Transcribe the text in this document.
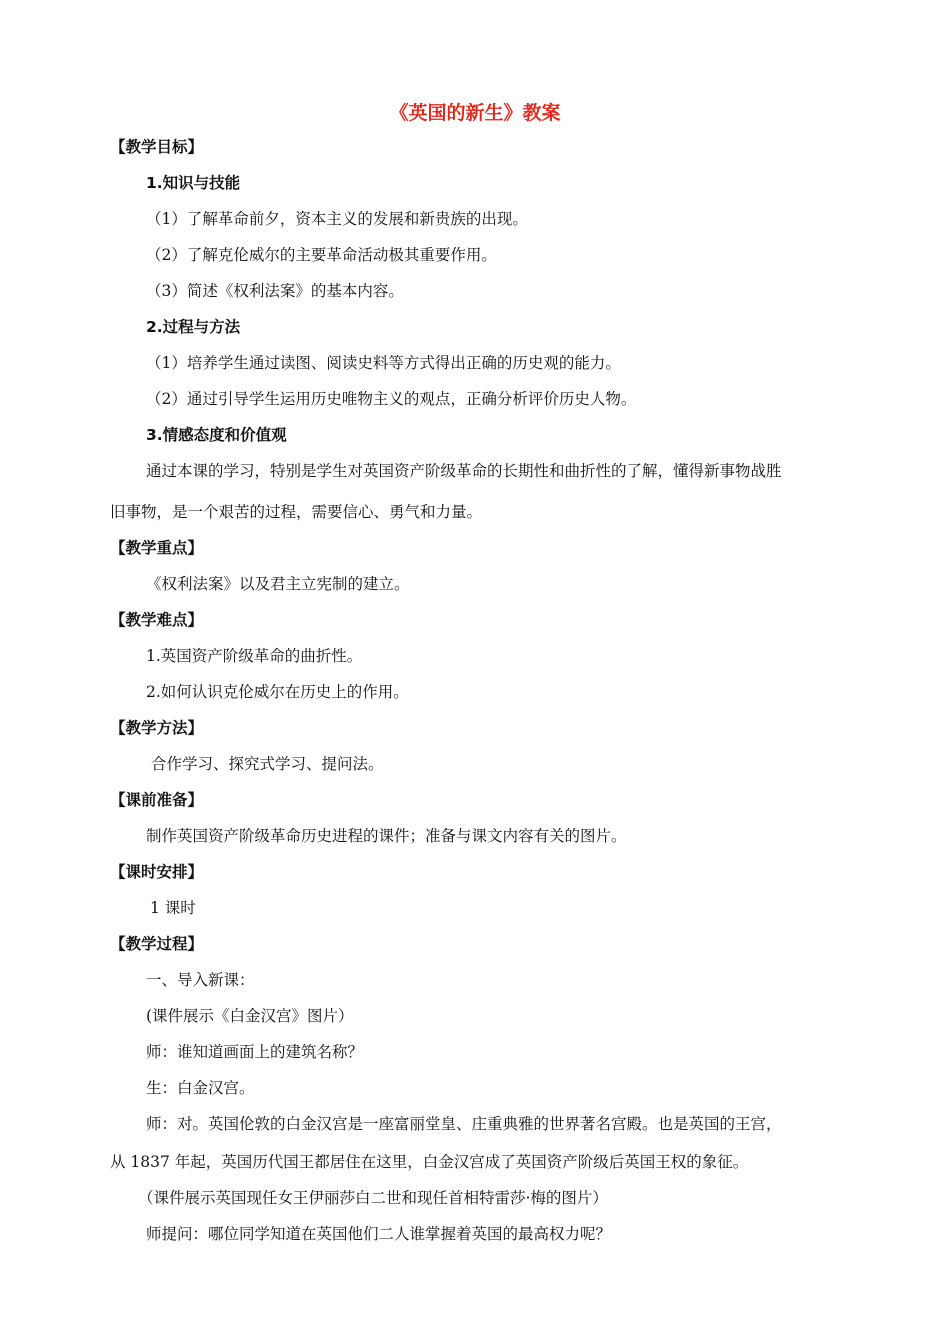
《英国的新生》教案
【教学目标】
1.知识与技能
（1）了解革命前夕，资本主义的发展和新贵族的出现。
（2）了解克伦威尔的主要革命活动极其重要作用。
（3）简述《权利法案》的基本内容。
2.过程与方法
（1）培养学生通过读图、阅读史料等方式得出正确的历史观的能力。
（2）通过引导学生运用历史唯物主义的观点，正确分析评价历史人物。
3.情感态度和价值观
通过本课的学习，特别是学生对英国资产阶级革命的长期性和曲折性的了解，懂得新事物战胜
旧事物，是一个艰苦的过程，需要信心、勇气和力量。
【教学重点】
《权利法案》以及君主立宪制的建立。
【教学难点】
1.英国资产阶级革命的曲折性。
2.如何认识克伦威尔在历史上的作用。
【教学方法】
合作学习、探究式学习、提问法。
【课前准备】
制作英国资产阶级革命历史进程的课件；准备与课文内容有关的图片。
【课时安排】
1 课时
【教学过程】
一、导入新课：
(课件展示《白金汉宫》图片）
师：谁知道画面上的建筑名称？
生：白金汉宫。
师：对。英国伦敦的白金汉宫是一座富丽堂皇、庄重典雅的世界著名宫殿。也是英国的王宫，
从 1837 年起，英国历代国王都居住在这里，白金汉宫成了英国资产阶级后英国王权的象征。
（课件展示英国现任女王伊丽莎白二世和现任首相特雷莎·梅的图片）
师提问：哪位同学知道在英国他们二人谁掌握着英国的最高权力呢？
